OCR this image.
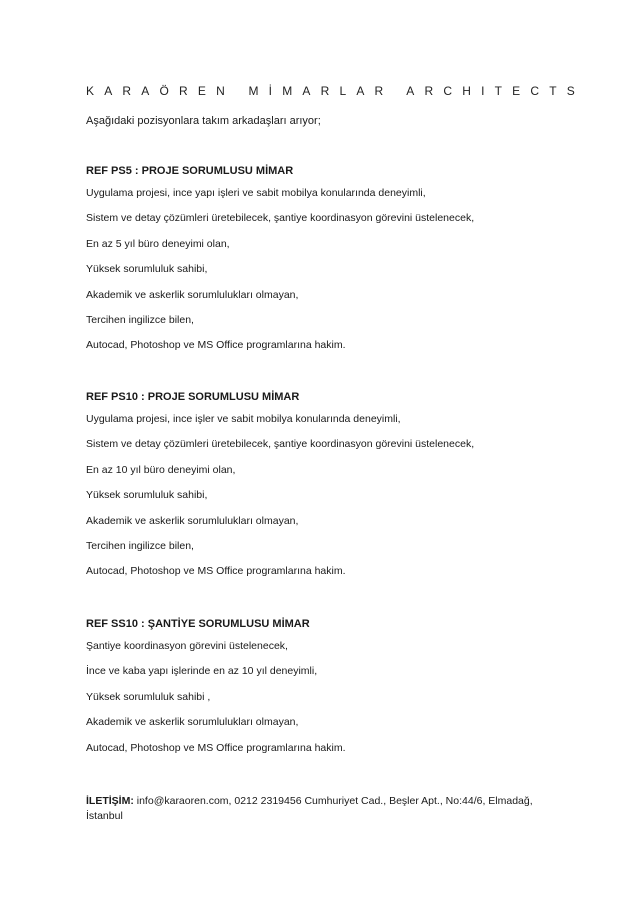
KARAÖREN MİMARLAR ARCHITECTS
Aşağıdaki pozisyonlara takım arkadaşları arıyor;
REF PS5 : PROJE SORUMLUSU MİMAR
Uygulama projesi, ince yapı işleri ve sabit mobilya konularında deneyimli,
Sistem ve detay çözümleri üretebilecek, şantiye koordinasyon görevini üstelenecek,
En az 5 yıl büro deneyimi olan,
Yüksek sorumluluk sahibi,
Akademik ve askerlik sorumlulukları olmayan,
Tercihen ingilizce bilen,
Autocad, Photoshop ve MS Office programlarına hakim.
REF PS10 : PROJE SORUMLUSU MİMAR
Uygulama projesi, ince işler ve sabit mobilya konularında deneyimli,
Sistem ve detay çözümleri üretebilecek, şantiye koordinasyon görevini üstelenecek,
En az 10 yıl büro deneyimi olan,
Yüksek sorumluluk sahibi,
Akademik ve askerlik sorumlulukları olmayan,
Tercihen ingilizce bilen,
Autocad, Photoshop ve MS Office programlarına hakim.
REF SS10 : ŞANTİYE SORUMLUSU MİMAR
Şantiye koordinasyon görevini üstelenecek,
İnce ve kaba yapı işlerinde en az 10 yıl deneyimli,
Yüksek sorumluluk sahibi ,
Akademik ve askerlik sorumlulukları olmayan,
Autocad, Photoshop ve MS Office programlarına hakim.
İLETİŞİM: info@karaoren.com, 0212 2319456 Cumhuriyet Cad., Beşler Apt., No:44/6, Elmadağ, İstanbul
